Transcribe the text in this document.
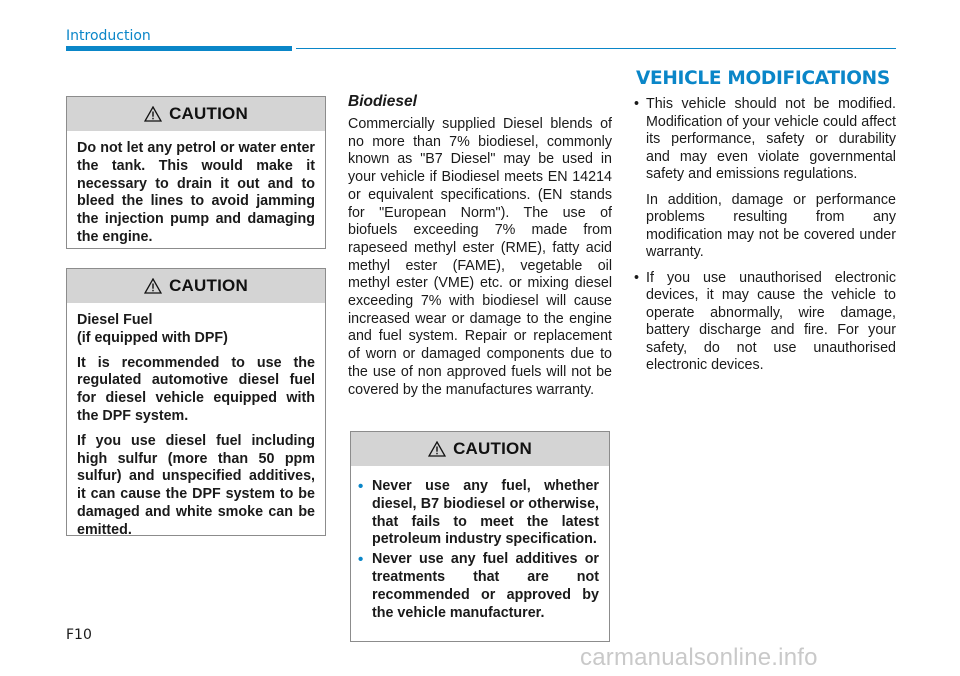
Introduction
CAUTION

Do not let any petrol or water enter the tank. This would make it necessary to drain it out and to bleed the lines to avoid jamming the injection pump and damaging the engine.

CAUTION

Diesel Fuel
(if equipped with DPF)

It is recommended to use the regulated automotive diesel fuel for diesel vehicle equipped with the DPF system.

If you use diesel fuel including high sulfur (more than 50 ppm sulfur) and unspecified additives, it can cause the DPF system to be damaged and white smoke can be emitted.

Biodiesel
Commercially supplied Diesel blends of no more than 7% biodiesel, commonly known as "B7 Diesel" may be used in your vehicle if Biodiesel meets EN 14214 or equivalent specifications. (EN stands for "European Norm"). The use of biofuels exceeding 7% made from rapeseed methyl ester (RME), fatty acid methyl ester (FAME), vegetable oil methyl ester (VME) etc. or mixing diesel exceeding 7% with biodiesel will cause increased wear or damage to the engine and fuel system. Repair or replacement of worn or damaged components due to the use of non approved fuels will not be covered by the manufactures warranty.
CAUTION
• Never use any fuel, whether diesel, B7 biodiesel or otherwise, that fails to meet the latest petroleum industry specification.
• Never use any fuel additives or treatments that are not recommended or approved by the vehicle manufacturer.
VEHICLE MODIFICATIONS
• This vehicle should not be modified. Modification of your vehicle could affect its performance, safety or durability and may even violate governmental safety and emissions regulations.

In addition, damage or performance problems resulting from any modification may not be covered under warranty.

• If you use unauthorised electronic devices, it may cause the vehicle to operate abnormally, wire damage, battery discharge and fire. For your safety, do not use unauthorised electronic devices.

F10
carmanualsonline.info
